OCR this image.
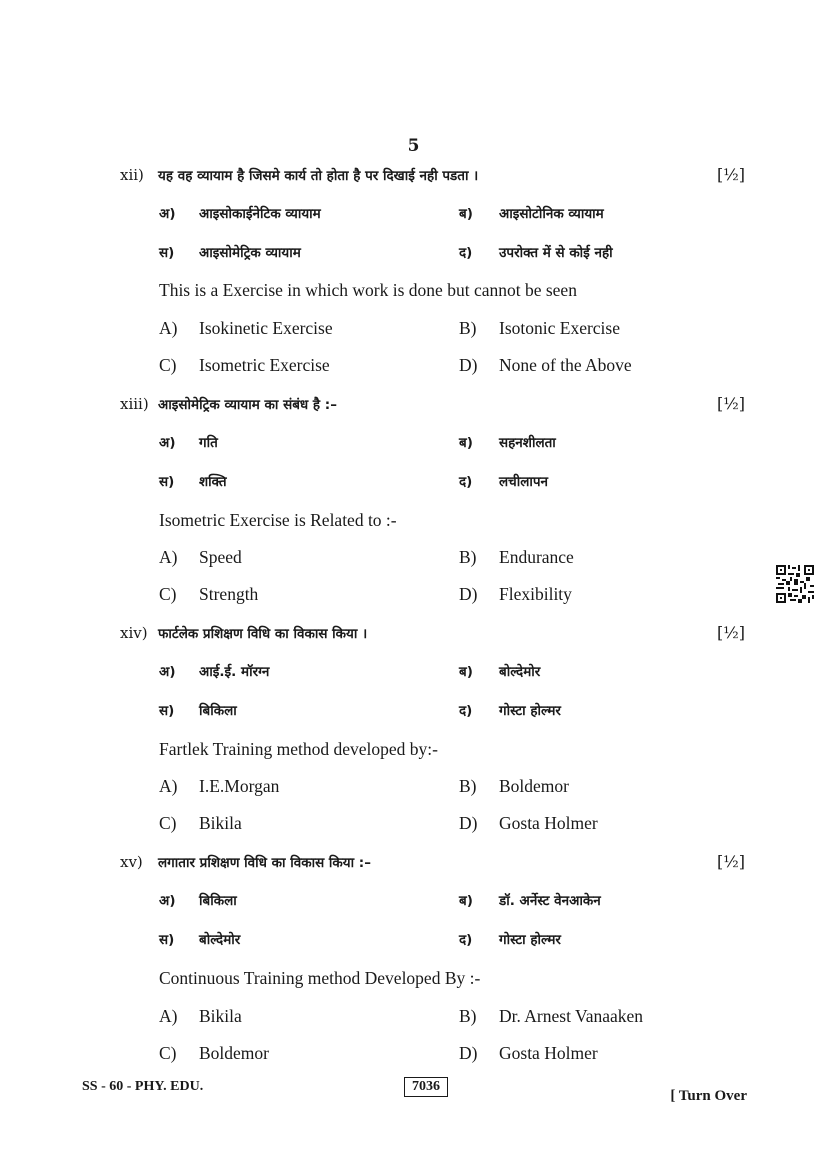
5
xii)	यह वह व्यायाम है जिसमे कार्य तो होता है पर दिखाई नही पडता ।	[½]
अ)	आइसोकाईनेटिक व्यायाम	ब)	आइसोटोनिक व्यायाम
स)	आइसोमेट्रिक व्यायाम	द)	उपरोक्त में से कोई नही
This is a Exercise in which work is done but cannot be seen
A)	Isokinetic Exercise	B)	Isotonic Exercise
C)	Isometric Exercise	D)	None of the Above
xiii) आइसोमेट्रिक व्यायाम का संबंध है :–	[½]
अ)	गति	ब)	सहनशीलता
स)	शक्ति	द)	लचीलापन
Isometric Exercise is Related to :-
A)	Speed	B)	Endurance
C)	Strength	D)	Flexibility
xiv) फार्टलेक प्रशिक्षण विधि का विकास किया ।	[½]
अ)	आई.ई. मॉरग्न	ब)	बोल्देमोर
स)	बिकिला	द)	गोस्टा होल्मर
Fartlek Training method developed by:-
A)	I.E.Morgan	B)	Boldemor
C)	Bikila	D)	Gosta Holmer
xv)	लगातार प्रशिक्षण विधि का विकास किया :–	[½]
अ)	बिकिला	ब)	डॉ. अर्नेस्ट वेनआकेन
स)	बोल्देमोर	द)	गोस्टा होल्मर
Continuous Training method Developed By :-
A)	Bikila	B)	Dr. Arnest Vanaaken
C)	Boldemor	D)	Gosta Holmer
SS - 60 - PHY. EDU.	7036
[ Turn Over
